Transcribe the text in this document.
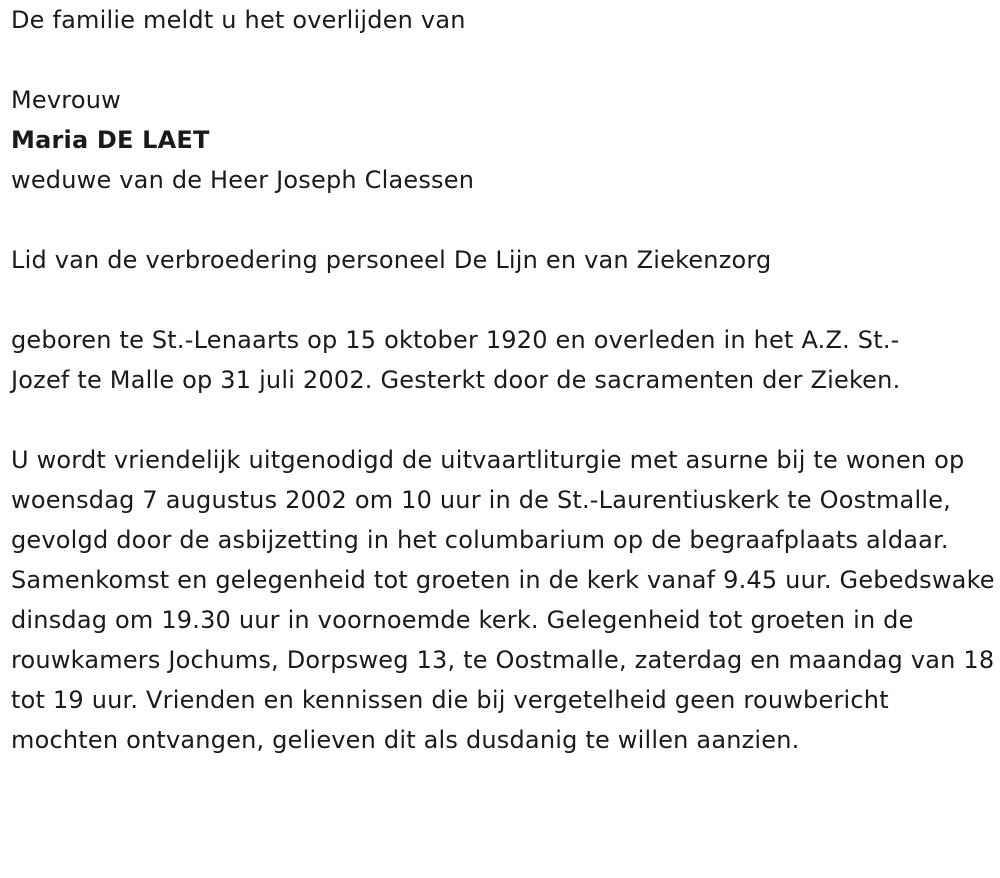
De familie meldt u het overlijden van

Mevrouw

Maria DE LAET

weduwe van de Heer Joseph Claessen

Lid van de verbroedering personeel De Lijn en van Ziekenzorg

geboren te St.-Lenaarts op 15 oktober 1920 en overleden in het A.Z. St.-Jozef te Malle op 31 juli 2002. Gesterkt door de sacramenten der Zieken.

U wordt vriendelijk uitgenodigd de uitvaartliturgie met asurne bij te wonen op woensdag 7 augustus 2002 om 10 uur in de St.-Laurentiuskerk te Oostmalle, gevolgd door de asbijzetting in het columbarium op de begraafplaats aldaar. Samenkomst en gelegenheid tot groeten in de kerk vanaf 9.45 uur. Gebedswake dinsdag om 19.30 uur in voornoemde kerk. Gelegenheid tot groeten in de rouwkamers Jochums, Dorpsweg 13, te Oostmalle, zaterdag en maandag van 18 tot 19 uur. Vrienden en kennissen die bij vergetelheid geen rouwbericht mochten ontvangen, gelieven dit als dusdanig te willen aanzien.
